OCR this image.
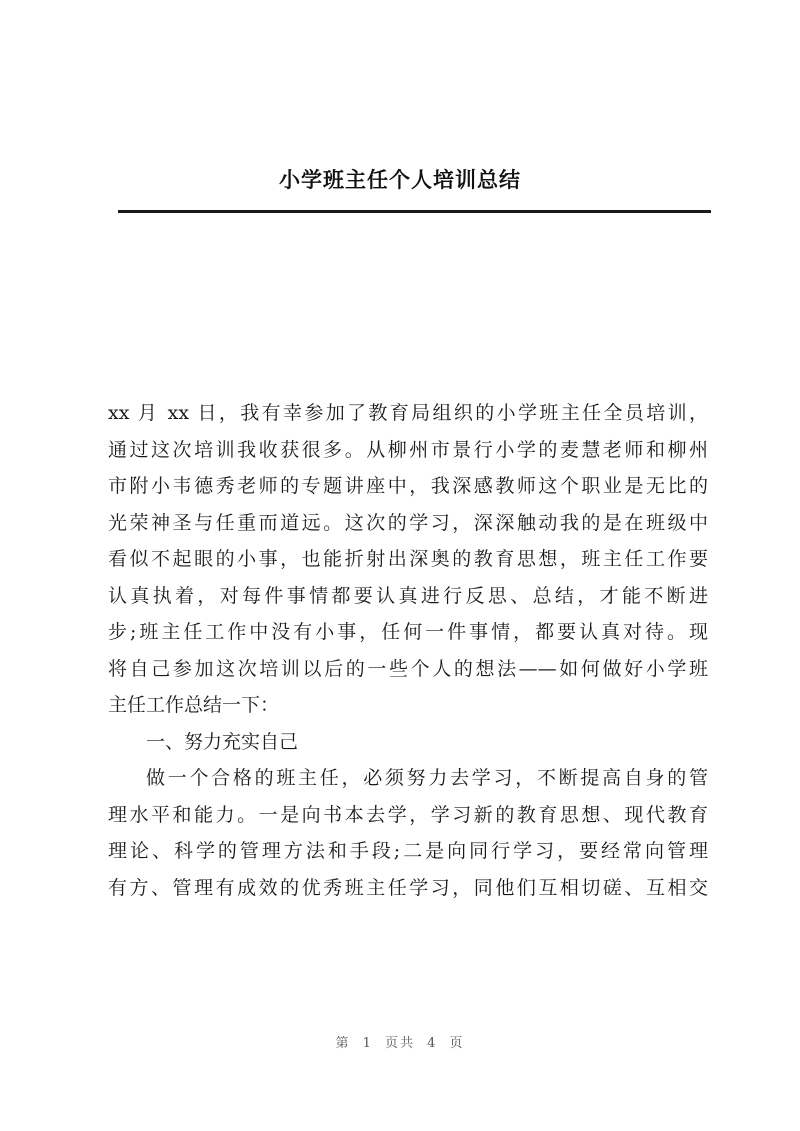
小学班主任个人培训总结
xx 月 xx 日，我有幸参加了教育局组织的小学班主任全员培训，
通过这次培训我收获很多。从柳州市景行小学的麦慧老师和柳州
市附小韦德秀老师的专题讲座中，我深感教师这个职业是无比的
光荣神圣与任重而道远。这次的学习，深深触动我的是在班级中
看似不起眼的小事，也能折射出深奥的教育思想，班主任工作要
认真执着，对每件事情都要认真进行反思、总结，才能不断进
步;班主任工作中没有小事，任何一件事情，都要认真对待。现
将自己参加这次培训以后的一些个人的想法——如何做好小学班
主任工作总结一下：
一、努力充实自己
做一个合格的班主任，必须努力去学习，不断提高自身的管
理水平和能力。一是向书本去学，学习新的教育思想、现代教育
理论、科学的管理方法和手段;二是向同行学习，要经常向管理
有方、管理有成效的优秀班主任学习，同他们互相切磋、互相交
第 1 页共 4 页
